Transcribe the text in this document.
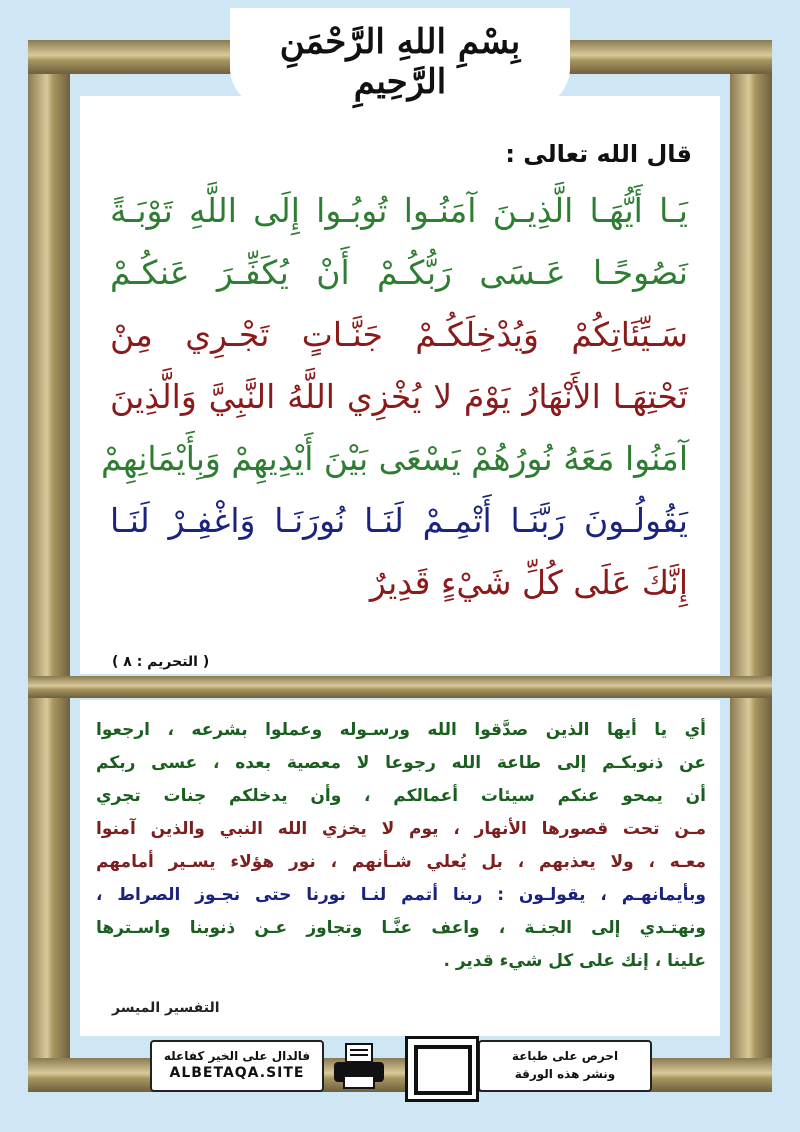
بِسْمِ اللهِ الرَّحْمَنِ الرَّحِيمِ
قال الله تعالى :
يَـا أَيُّهَـا الَّذِيـنَ آمَنُـوا تُوبُـوا إِلَى اللَّهِ تَوْبَـةً
نَصُوحًـا عَـسَى رَبُّكُـمْ أَنْ يُكَفِّـرَ عَنكُـمْ
سَـيِّئَاتِكُمْ وَيُدْخِلَكُـمْ جَنَّـاتٍ تَجْـرِي مِنْ
تَحْتِهَـا الأَنْهَارُ يَوْمَ لا يُخْزِي اللَّهُ النَّبِيَّ وَالَّذِينَ
آمَنُوا مَعَهُ نُورُهُمْ يَسْعَى بَيْنَ أَيْدِيهِمْ وَبِأَيْمَانِهِمْ
يَقُولُـونَ رَبَّنَـا أَتْمِـمْ لَنَـا نُورَنَـا وَاغْفِـرْ لَنَـا
إِنَّكَ عَلَى كُلِّ شَيْءٍ قَدِيرٌ
( التحريم : ٨ )
أي يا أيها الذين صدَّقوا الله ورسـوله وعملوا بشرعه ، ارجعوا
عن ذنوبكـم إلى طاعة الله رجوعا لا معصية بعده ، عسى ربكم
أن يمحو عنكم سيئات أعمالكم ، وأن يدخلكم جنات تجري
مـن تحت قصورها الأنهار ، يوم لا يخزي الله النبي والذين آمنوا
معـه ، ولا يعذبهم ، بل يُعلي شـأنهم ، نور هؤلاء يسـير أمامهم
وبأيمانهـم ، يقولـون : ربنا أتمم لنـا نورنا حتى نجـوز الصراط ،
ونهتـدي إلى الجنـة ، واعف عنَّـا وتجاوز عـن ذنوبنا واسـترها
علينا ، إنك على كل شيء قدير .
التفسير الميسر
احرص على طباعة
ونشر هذه الورقة
فالدال على الخير كفاعله
ALBETAQA.SITE
